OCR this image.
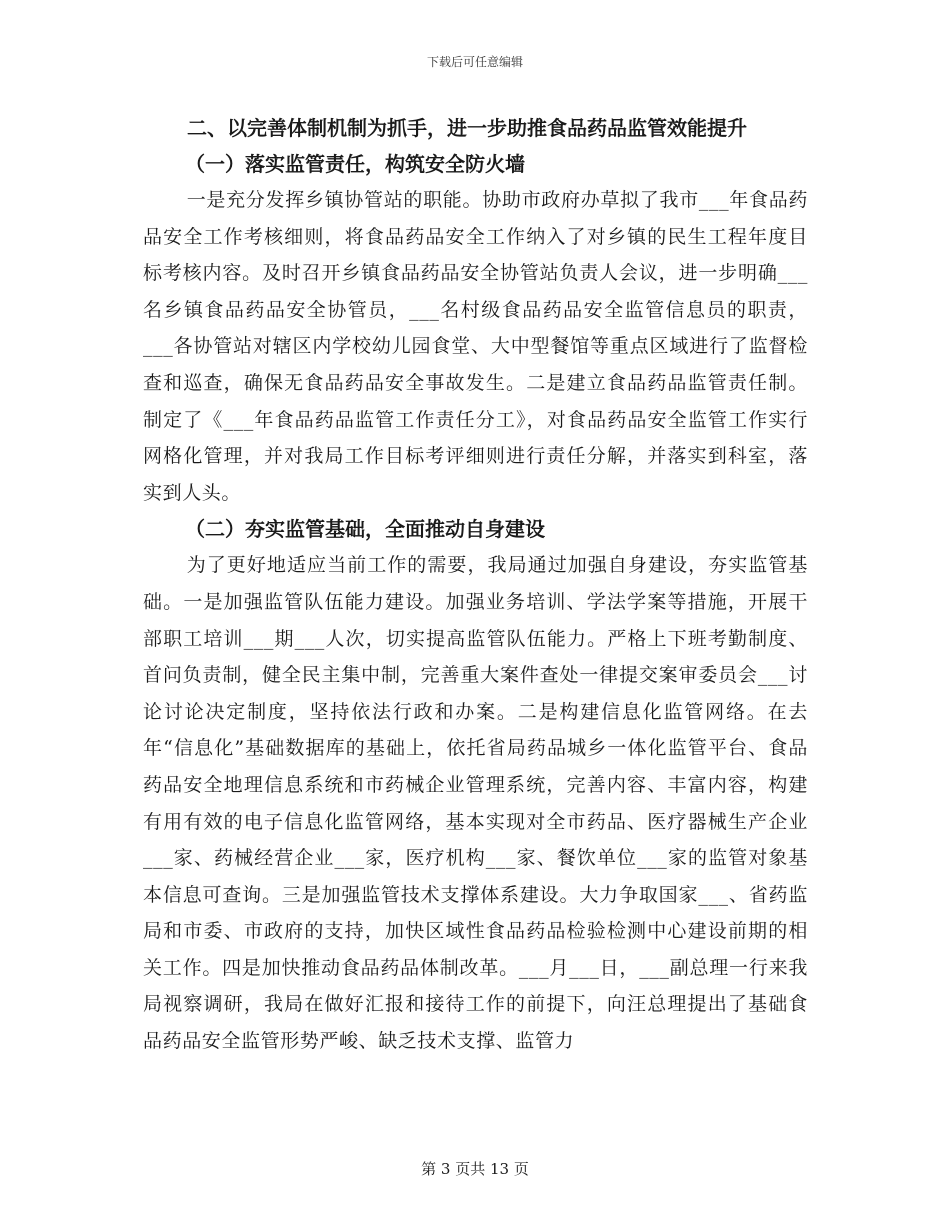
下载后可任意编辑
二、以完善体制机制为抓手，进一步助推食品药品监管效能提升
（一）落实监管责任，构筑安全防火墙

一是充分发挥乡镇协管站的职能。协助市政府办草拟了我市___年食品药品安全工作考核细则，将食品药品安全工作纳入了对乡镇的民生工程年度目标考核内容。及时召开乡镇食品药品安全协管站负责人会议，进一步明确___名乡镇食品药品安全协管员，___名村级食品药品安全监管信息员的职责，___各协管站对辖区内学校幼儿园食堂、大中型餐馆等重点区域进行了监督检查和巡查，确保无食品药品安全事故发生。二是建立食品药品监管责任制。制定了《___年食品药品监管工作责任分工》，对食品药品安全监管工作实行网格化管理，并对我局工作目标考评细则进行责任分解，并落实到科室，落实到人头。

（二）夯实监管基础，全面推动自身建设

为了更好地适应当前工作的需要，我局通过加强自身建设，夯实监管基础。一是加强监管队伍能力建设。加强业务培训、学法学案等措施，开展干部职工培训___期___人次，切实提高监管队伍能力。严格上下班考勤制度、首问负责制，健全民主集中制，完善重大案件查处一律提交案审委员会___讨论讨论决定制度，坚持依法行政和办案。二是构建信息化监管网络。在去年“信息化”基础数据库的基础上，依托省局药品城乡一体化监管平台、食品药品安全地理信息系统和市药械企业管理系统，完善内容、丰富内容，构建有用有效的电子信息化监管网络，基本实现对全市药品、医疗器械生产企业___家、药械经营企业___家，医疗机构___家、餐饮单位___家的监管对象基本信息可查询。三是加强监管技术支撑体系建设。大力争取国家___、省药监局和市委、市政府的支持，加快区域性食品药品检验检测中心建设前期的相关工作。四是加快推动食品药品体制改革。___月___日，___副总理一行来我局视察调研，我局在做好汇报和接待工作的前提下，向汪总理提出了基础食品药品安全监管形势严峻、缺乏技术支撑、监管力

第 3 页共 13 页
